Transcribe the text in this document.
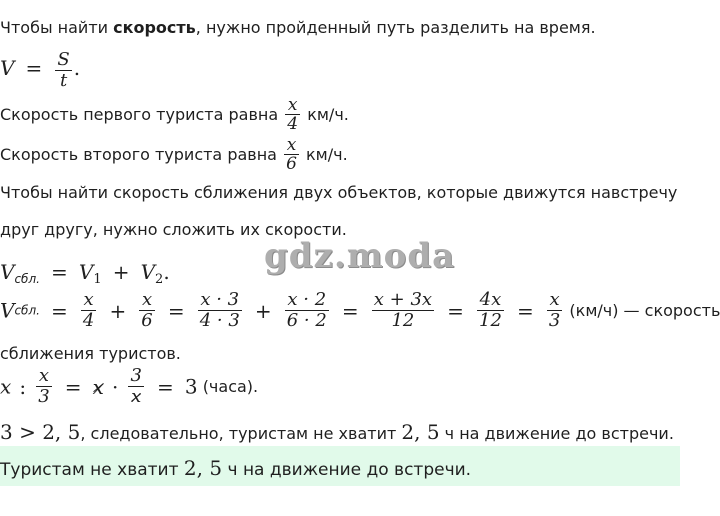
gdz.moda
Чтобы найти скорость, нужно пройденный путь разделить на время.
$V = \frac{S}{t}$ .
Скорость первого туриста равна $\frac{x}{4} км/ч$.
Скорость второго туриста равна $\frac{x}{6} км/ч$.
Чтобы найти скорость сближения двух объектов, которые движутся навстречу
друг другу, нужно сложить их скорости.
$V_{сбл.} = V_1 + V_2$.
Vсбл. = $\frac{x}{4} + \frac{x}{6} = \frac{x \cdot 3}{4 \cdot 3} + \frac{x \cdot 2}{6 \cdot 2} = \frac{x + 3x}{12} = \frac{4x}{12} = \frac{x}{3} (км/ч)$ — скорость
сближения туристов.
x : $\frac{x}{3} = x \cdot \frac{3}{x} = 3$ (часа).
3 > 2, 5, следовательно, туристам не хватит 2, 5 ч на движение до встречи.
Туристам не хватит 2, 5 ч на движение до встречи.
